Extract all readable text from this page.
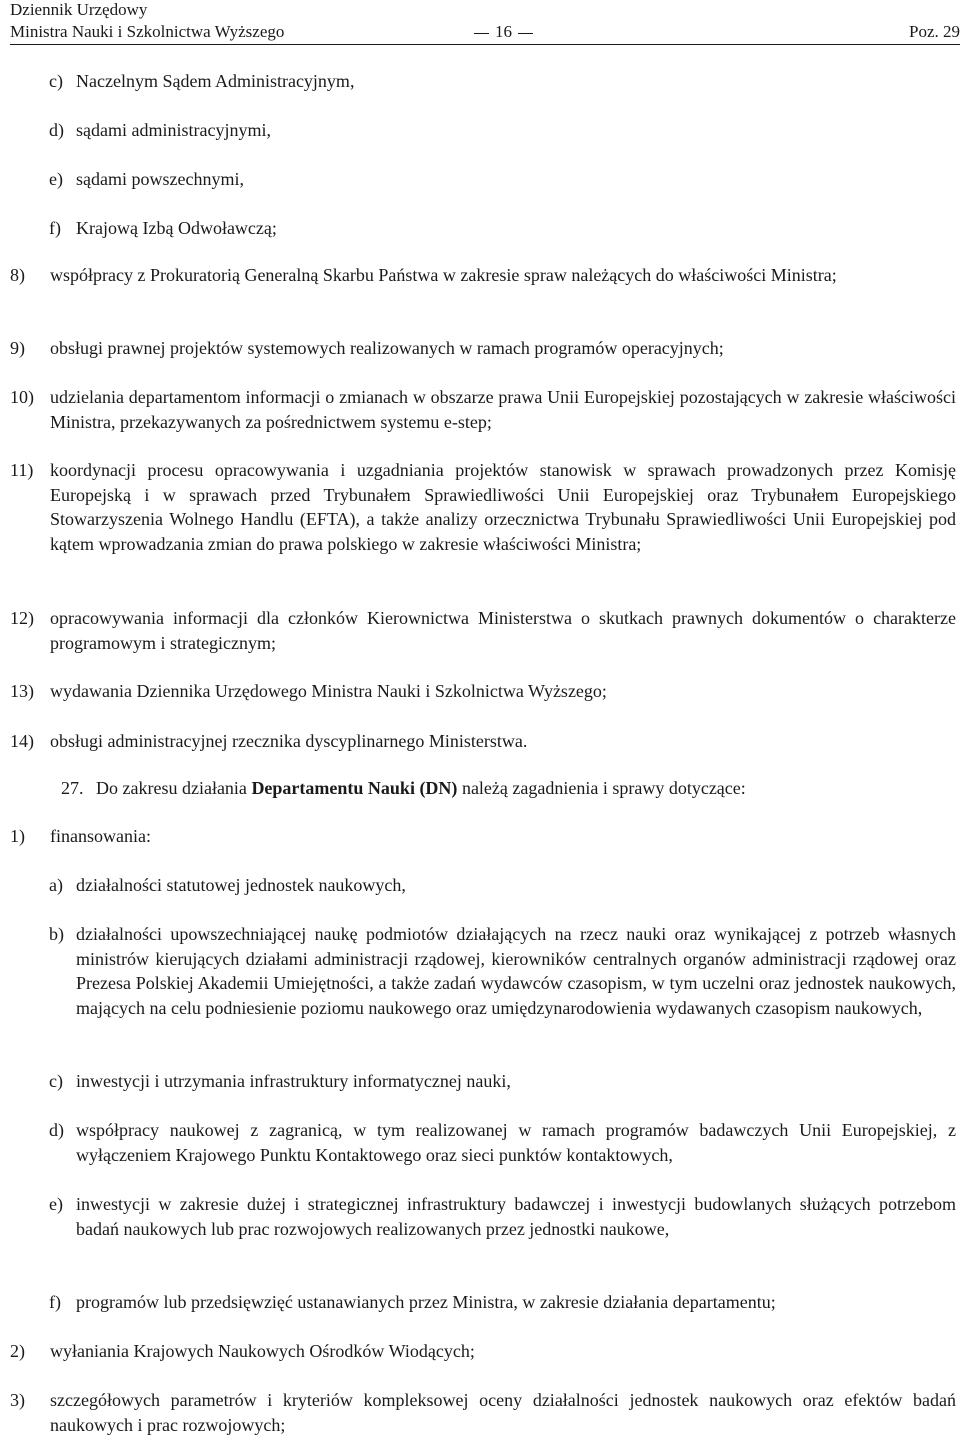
Dziennik Urzędowy
Ministra Nauki i Szkolnictwa Wyższego	16	Poz. 29
c) Naczelnym Sądem Administracyjnym,
d) sądami administracyjnymi,
e) sądami powszechnymi,
f) Krajową Izbą Odwoławczą;
8) współpracy z Prokuratorią Generalną Skarbu Państwa w zakresie spraw należących do właściwości Ministra;
9) obsługi prawnej projektów systemowych realizowanych w ramach programów operacyjnych;
10) udzielania departamentom informacji o zmianach w obszarze prawa Unii Europejskiej pozostających w zakresie właściwości Ministra, przekazywanych za pośrednictwem systemu e-step;
11) koordynacji procesu opracowywania i uzgadniania projektów stanowisk w sprawach prowadzonych przez Komisję Europejską i w sprawach przed Trybunałem Sprawiedliwości Unii Europejskiej oraz Trybunałem Europejskiego Stowarzyszenia Wolnego Handlu (EFTA), a także analizy orzecznictwa Trybunału Sprawiedliwości Unii Europejskiej pod kątem wprowadzania zmian do prawa polskiego w zakresie właściwości Ministra;
12) opracowywania informacji dla członków Kierownictwa Ministerstwa o skutkach prawnych dokumentów o charakterze programowym i strategicznym;
13) wydawania Dziennika Urzędowego Ministra Nauki i Szkolnictwa Wyższego;
14) obsługi administracyjnej rzecznika dyscyplinarnego Ministerstwa.
27. Do zakresu działania Departamentu Nauki (DN) należą zagadnienia i sprawy dotyczące:
1) finansowania:
a) działalności statutowej jednostek naukowych,
b) działalności upowszechniającej naukę podmiotów działających na rzecz nauki oraz wynikającej z potrzeb własnych ministrów kierujących działami administracji rządowej, kierowników centralnych organów administracji rządowej oraz Prezesa Polskiej Akademii Umiejętności, a także zadań wydawców czasopism, w tym uczelni oraz jednostek naukowych, mających na celu podniesienie poziomu naukowego oraz umiędzynarodowienia wydawanych czasopism naukowych,
c) inwestycji i utrzymania infrastruktury informatycznej nauki,
d) współpracy naukowej z zagranicą, w tym realizowanej w ramach programów badawczych Unii Europejskiej, z wyłączeniem Krajowego Punktu Kontaktowego oraz sieci punktów kontaktowych,
e) inwestycji w zakresie dużej i strategicznej infrastruktury badawczej i inwestycji budowlanych służących potrzebom badań naukowych lub prac rozwojowych realizowanych przez jednostki naukowe,
f) programów lub przedsięwzięć ustanawianych przez Ministra, w zakresie działania departamentu;
2) wyłaniania Krajowych Naukowych Ośrodków Wiodących;
3) szczegółowych parametrów i kryteriów kompleksowej oceny działalności jednostek naukowych oraz efektów badań naukowych i prac rozwojowych;
